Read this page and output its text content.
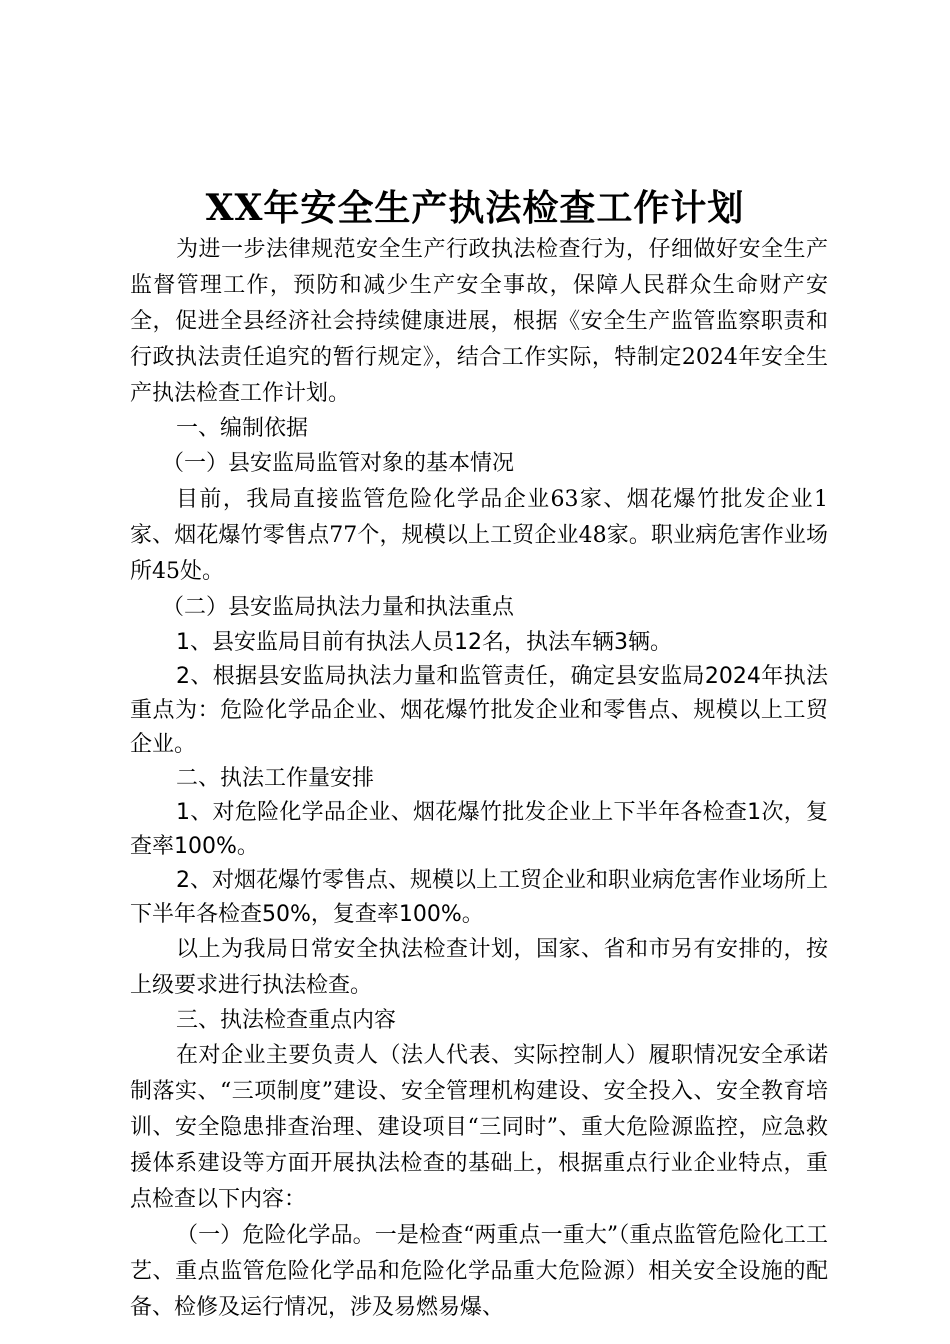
XX年安全生产执法检查工作计划

为进一步法律规范安全生产行政执法检查行为，仔细做好安全生产监督管理工作，预防和减少生产安全事故，保障人民群众生命财产安全，促进全县经济社会持续健康进展，根据《安全生产监管监察职责和行政执法责任追究的暂行规定》，结合工作实际，特制定2024年安全生产执法检查工作计划。

一、编制依据

（一）县安监局监管对象的基本情况

目前，我局直接监管危险化学品企业63家、烟花爆竹批发企业1家、烟花爆竹零售点77个，规模以上工贸企业48家。职业病危害作业场所45处。

（二）县安监局执法力量和执法重点

1、县安监局目前有执法人员12名，执法车辆3辆。

2、根据县安监局执法力量和监管责任，确定县安监局2024年执法重点为：危险化学品企业、烟花爆竹批发企业和零售点、规模以上工贸企业。

二、执法工作量安排

1、对危险化学品企业、烟花爆竹批发企业上下半年各检查1次，复查率100%。

2、对烟花爆竹零售点、规模以上工贸企业和职业病危害作业场所上下半年各检查50%，复查率100%。

以上为我局日常安全执法检查计划，国家、省和市另有安排的，按上级要求进行执法检查。

三、执法检查重点内容

在对企业主要负责人（法人代表、实际控制人）履职情况安全承诺制落实、“三项制度”建设、安全管理机构建设、安全投入、安全教育培训、安全隐患排查治理、建设项目“三同时”、重大危险源监控，应急救援体系建设等方面开展执法检查的基础上，根据重点行业企业特点，重点检查以下内容：

（一）危险化学品。一是检查“两重点一重大”（重点监管危险化工工艺、重点监管危险化学品和危险化学品重大危险源）相关安全设施的配备、检修及运行情况，涉及易燃易爆、
